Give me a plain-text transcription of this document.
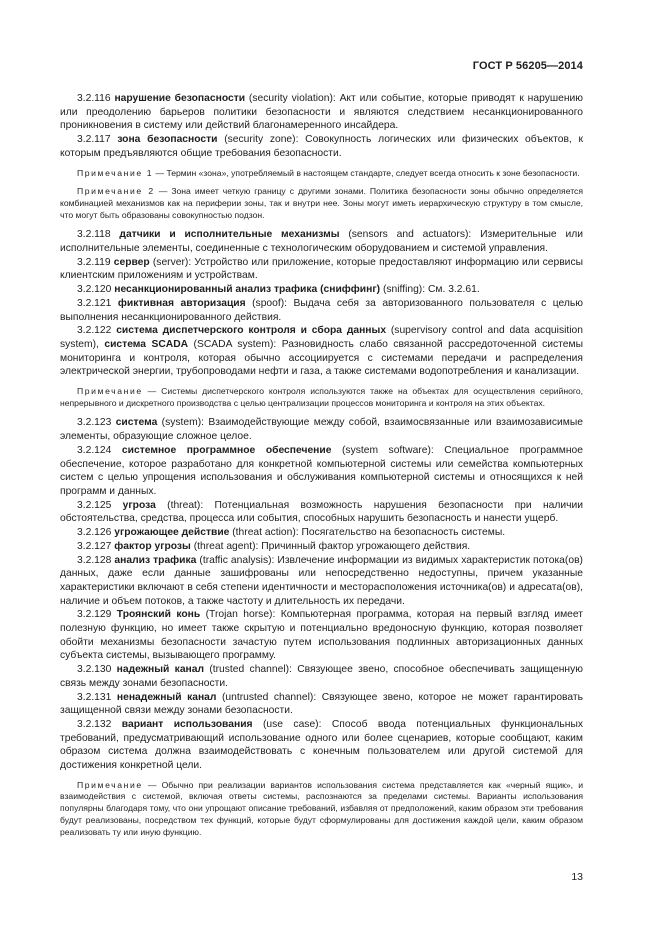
ГОСТ Р 56205—2014

3.2.116 нарушение безопасности (security violation): Акт или событие, которые приводят к нарушению или преодолению барьеров политики безопасности и являются следствием несанкционированного проникновения в систему или действий благонамеренного инсайдера.

3.2.117 зона безопасности (security zone): Совокупность логических или физических объектов, к которым предъявляются общие требования безопасности.

Примечание 1 — Термин «зона», употребляемый в настоящем стандарте, следует всегда относить к зоне безопасности.

Примечание 2 — Зона имеет четкую границу с другими зонами. Политика безопасности зоны обычно определяется комбинацией механизмов как на периферии зоны, так и внутри нее. Зоны могут иметь иерархическую структуру в том смысле, что могут быть образованы совокупностью подзон.

3.2.118 датчики и исполнительные механизмы (sensors and actuators): Измерительные или исполнительные элементы, соединенные с технологическим оборудованием и системой управления.

3.2.119 сервер (server): Устройство или приложение, которые предоставляют информацию или сервисы клиентским приложениям и устройствам.

3.2.120 несанкционированный анализ трафика (сниффинг) (sniffing): См. 3.2.61.

3.2.121 фиктивная авторизация (spoof): Выдача себя за авторизованного пользователя с целью выполнения несанкционированного действия.

3.2.122 система диспетчерского контроля и сбора данных (supervisory control and data acquisition system), система SCADA (SCADA system): Разновидность слабо связанной рассредоточенной системы мониторинга и контроля, которая обычно ассоциируется с системами передачи и распределения электрической энергии, трубопроводами нефти и газа, а также системами водопотребления и канализации.

Примечание — Системы диспетчерского контроля используются также на объектах для осуществления серийного, непрерывного и дискретного производства с целью централизации процессов мониторинга и контроля на этих объектах.

3.2.123 система (system): Взаимодействующие между собой, взаимосвязанные или взаимозависимые элементы, образующие сложное целое.

3.2.124 системное программное обеспечение (system software): Специальное программное обеспечение, которое разработано для конкретной компьютерной системы или семейства компьютерных систем с целью упрощения использования и обслуживания компьютерной системы и относящихся к ней программ и данных.

3.2.125 угроза (threat): Потенциальная возможность нарушения безопасности при наличии обстоятельства, средства, процесса или события, способных нарушить безопасность и нанести ущерб.

3.2.126 угрожающее действие (threat action): Посягательство на безопасность системы.

3.2.127 фактор угрозы (threat agent): Причинный фактор угрожающего действия.

3.2.128 анализ трафика (traffic analysis): Извлечение информации из видимых характеристик потока(ов) данных, даже если данные зашифрованы или непосредственно недоступны, причем указанные характеристики включают в себя степени идентичности и месторасположения источника(ов) и адресата(ов), наличие и объем потоков, а также частоту и длительность их передачи.

3.2.129 Троянский конь (Trojan horse): Компьютерная программа, которая на первый взгляд имеет полезную функцию, но имеет также скрытую и потенциально вредоносную функцию, которая позволяет обойти механизмы безопасности зачастую путем использования подлинных авторизационных данных субъекта системы, вызывающего программу.

3.2.130 надежный канал (trusted channel): Связующее звено, способное обеспечивать защищенную связь между зонами безопасности.

3.2.131 ненадежный канал (untrusted channel): Связующее звено, которое не может гарантировать защищенной связи между зонами безопасности.

3.2.132 вариант использования (use case): Способ ввода потенциальных функциональных требований, предусматривающий использование одного или более сценариев, которые сообщают, каким образом система должна взаимодействовать с конечным пользователем или другой системой для достижения конкретной цели.

Примечание — Обычно при реализации вариантов использования система представляется как «черный ящик», и взаимодействия с системой, включая ответы системы, распознаются за пределами системы. Варианты использования популярны благодаря тому, что они упрощают описание требований, избавляя от предположений, каким образом эти требования будут реализованы, посредством тех функций, которые будут сформулированы для достижения каждой цели, каким образом реализовать ту или иную функцию.

13
